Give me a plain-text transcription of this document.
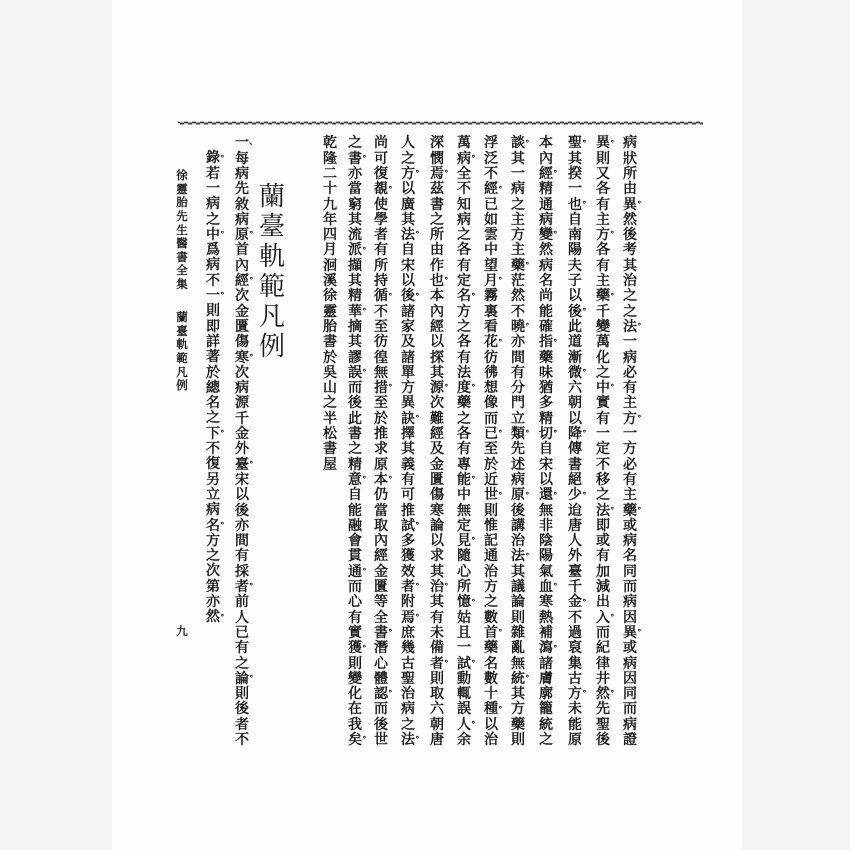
病
狀
所
由
異 ∘
然
後
考
其
治
之
之
法 ∘
一
病
必
有
主
方 ∘
一
方
必
有
主
藥 ∘
或
病
名
同
而
病
因
異 ∘
或
病
因
同
而
病
證
異 ∘
則
又
各
有
主
方 ∘
各
有
主
藥 ∘
千
變
萬
化
之
中 ∘
實
有
一
定
不
移
之
法 ∘
即
或
有
加
減
出
入 ∘
而
紀
律
井
然 ∘
先
聖
後
聖 ∘
其
揆
一
也 ∘
自
南
陽
夫
子
以
後 ∘
此
道
漸
微 ∘
六
朝
以
降 ∘
傳
書
絕
少 ∘
迨
唐
人
外
臺
千
金 ∘
不
過
裒
集
古
方 ∘
未
能
原
本
內
經 ∘
精
通
病
變 ∘
然
病
名
尚
能
確
指 ∘
藥
味
猶
多
精
切 ∘
自
宋
以
還 ∘
無
非
陰
陽
氣
血 ∘
寒
熱
補
瀉 ∘
諸
膚
廓
籠
統
之
談 ∘
其
一
病
之
主
方
主
藥 ∘
茫
然
不
曉 ∘
亦
間
有
分
門
立
類 ∘
先
述
病
原 ∘
後
講
治
法 ∘
其
議
論
則
雜
亂
無
統 ∘
其
方
藥
則
浮
泛
不
經 ∘
已
如
雲
中
望
月 ∘
霧
裏
看
花 ∘
彷
彿
想
像
而
已 ∘
至
於
近
世 ∘
則
惟
記
通
治
方
之
數
首 ∘
藥
名
數
十
種 ∘
以
治
萬
病 ∘
全
不
知
病
之
各
有
定
名 ∘
方
之
各
有
法
度 ∘
藥
之
各
有
專
能 ∘
中
無
定
見 ∘
隨
心
所
憶 ∘
姑
且
一
試 ∘
動
輒
誤
人 ∘
余
深
憫
焉 ∘
茲
書
之
所
由
作
也 ∘
本
內
經
以
探
其
源 ∘
次
難
經
及
金
匱
傷
寒
論
以
求
其
治 ∘
其
有
未
備
者 ∘
則
取
六
朝
唐
人
之
方 ∘
以
廣
其
法 ∘
自
宋
以
後 ∘
諸
家
及
諸
單
方
異
訣 ∘
擇
其
義
有
可
推
試 ∘
多
獲
效
者 ∘
附
焉 ∘
庶
幾
古
聖
治
病
之
法 ∘
尚
可
復
覩 ∘
使
學
者
有
所
持
循 ∘
不
至
彷
徨
無
措 ∘
至
於
推
求
原
本 ∘
仍
當
取
內
經
金
匱
等
全
書 ∘
潛
心
體
認 ∘
而
後
世
之
書 ∘
亦
當
窮
其
流
派 ∘
擷
其
精
華 ∘
摘
其
謬
誤 ∘
而
後
此
書
之
精
意 ∘
自
能
融
會
貫
通 ∘
而
心
有
實
獲 ∘
則
變
化
在
我
矣 ∘
乾
隆
二
十
九
年
四
月
洄
溪
徐
靈
胎
書
於
吳
山
之
半
松
書
屋
蘭
臺
軌
範
凡
例
一 、
每
病
先
敘
病
原 ∘
首
內
經 ∘
次
金
匱
傷
寒 ∘
次
病
源
千
金
外
臺 ∘
宋
以
後
亦
間
有
採
者 ∘
前
人
已
有
之
論 ∘
則
後
者
不
錄 ∘
若
一
病
之
中 ∘
爲
病
不
一 ∘
則
即
詳
著
於
總
名
之
下 ∘
不
復
另
立
病
名 ∘
方
之
次
第
亦
然 ∘
徐
靈
胎
先
生
醫
書
全
集
蘭
臺
軌
範
凡
例
九
